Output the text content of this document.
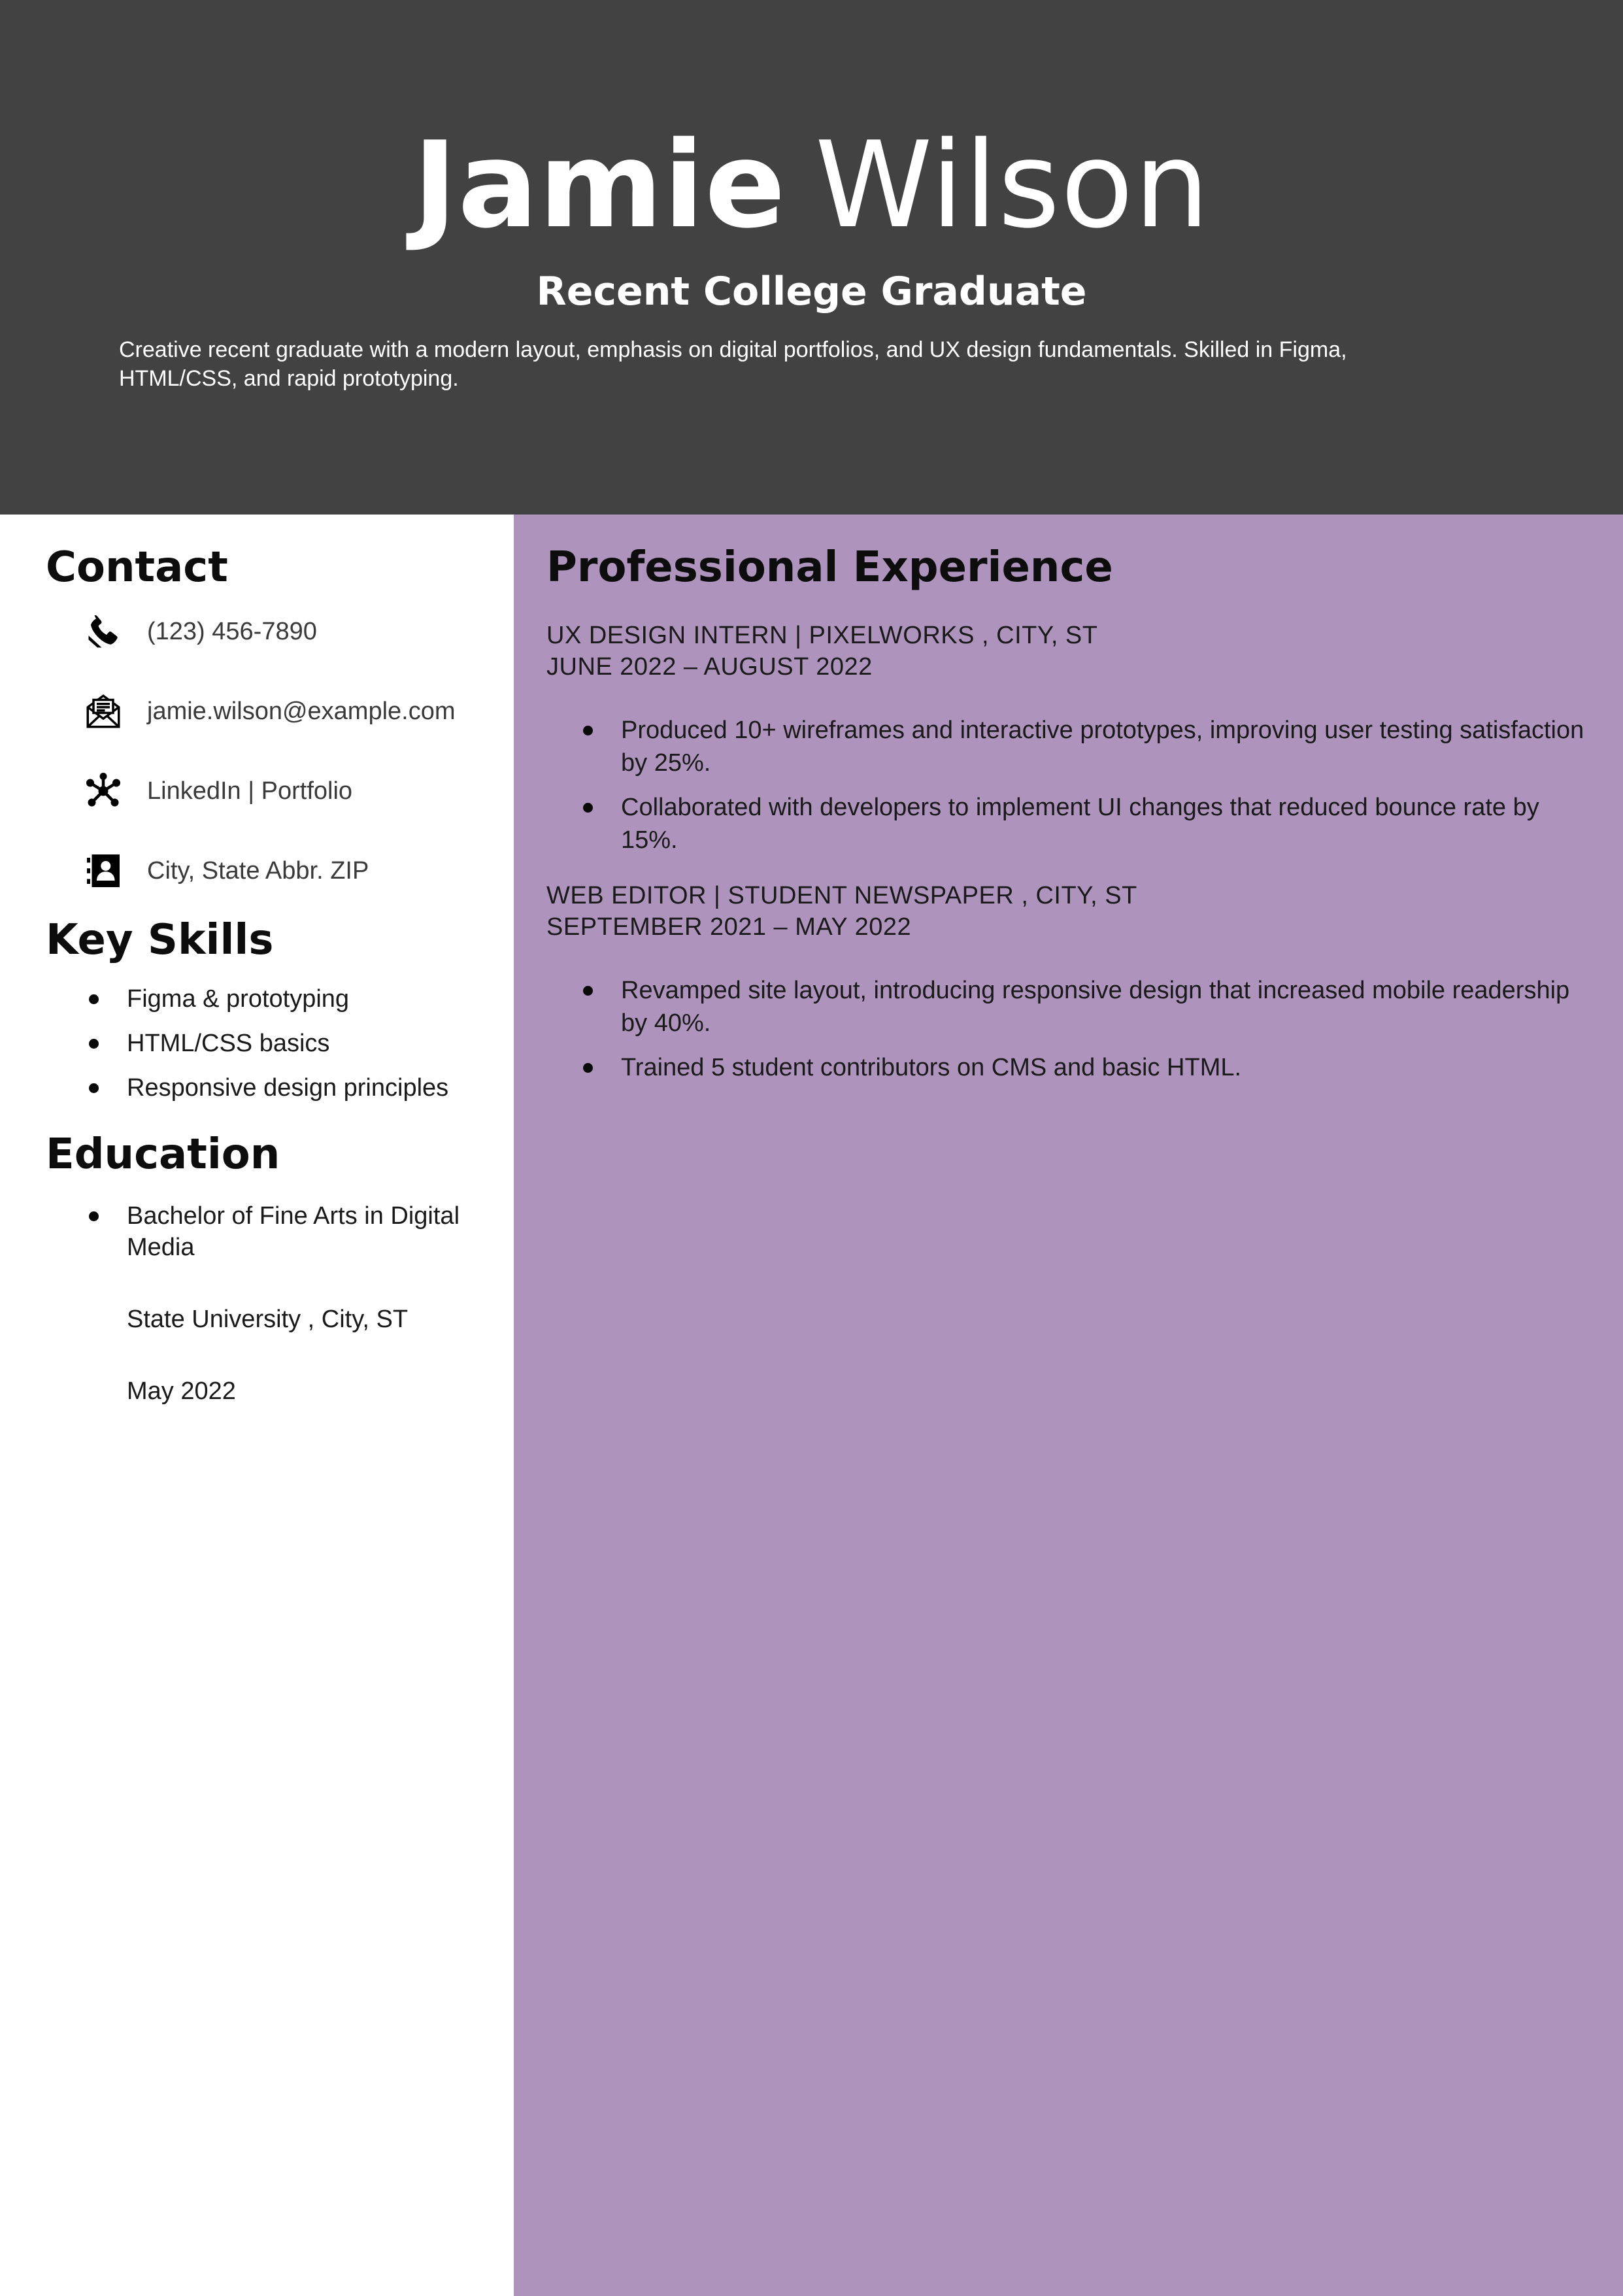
Jamie Wilson
Recent College Graduate
Creative recent graduate with a modern layout, emphasis on digital portfolios, and UX design fundamentals. Skilled in Figma, HTML/CSS, and rapid prototyping.
Contact
(123) 456-7890
jamie.wilson@example.com
LinkedIn | Portfolio
City, State Abbr. ZIP
Key Skills
Figma & prototyping
HTML/CSS basics
Responsive design principles
Education
Bachelor of Fine Arts in Digital Media
State University , City, ST
May 2022
Professional Experience
UX DESIGN INTERN | PIXELWORKS , CITY, ST
JUNE 2022 – AUGUST 2022
Produced 10+ wireframes and interactive prototypes, improving user testing satisfaction by 25%.
Collaborated with developers to implement UI changes that reduced bounce rate by 15%.
WEB EDITOR | STUDENT NEWSPAPER , CITY, ST
SEPTEMBER 2021 – MAY 2022
Revamped site layout, introducing responsive design that increased mobile readership by 40%.
Trained 5 student contributors on CMS and basic HTML.
